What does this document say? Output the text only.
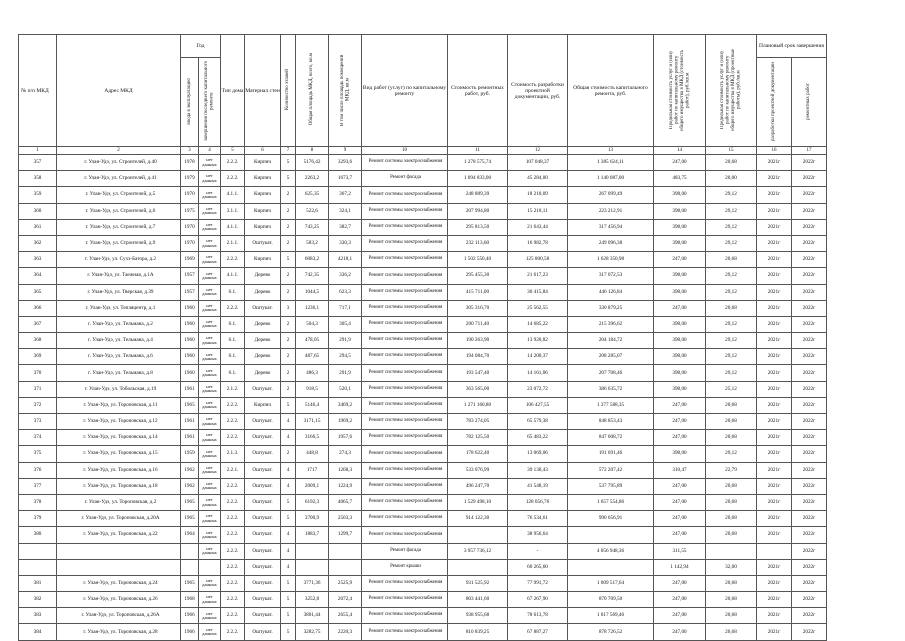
№ п/п МКД	Адрес МКД	Год		Тип дома	Материал стен	Количество этажей	Общая площадь МКД, всего, кв.м	В том числе площадь помещений МКД, кв.м	Вид работ (услуг) по капитальному ремонту	Стоимость ремонтных работ, руб.	Стоимость разработки проектной документации, руб.	Общая стоимость капитального ремонта, руб.	Предельная стоимость услуг и (или) работ по капитальному ремонту общего имущества в МКД (стоимость работ), руб./кв.м	Предельная стоимость услуг и (или) работ по капитальному ремонту общего имущества в МКД (проектные работы), руб./кв.м	Плановый срок завершения	
		ввода в эксплуатацию	завершения последнего капитального ремонта												разработки проектной документации	ремонтных работ
1	2	3	4	5	6	7	8	9	10	11	12	13	14	15	16	17
357	г. Улан-Удэ, ул. Строителей, д.40	1978	нет данных	2.2.2.	Кирпич	5	5176,42	3293,6	Ремонт системы электроснабжения	1 278 575,74	107 048,37	1 385 624,11	247,00	20,68	2021г	2022г
358	г. Улан-Удэ, ул. Строителей, д.41	1979	нет данных	2.2.2.	Кирпич	5	2263,2	1673,7	Ремонт фасада	1 094 833,00	45 284,00	1 140 087,00	483,75	20,00	2021г	2022г
359	г. Улан-Удэ, ул. Строителей, д.5	1970	нет данных	4.1.1.	Кирпич	2	625,35	367,2	Ремонт системы электроснабжения	248 889,39	18 210,09	267 099,49	398,00	29,12	2021г	2022г
360	г. Улан-Удэ, ул. Строителей, д.6	1975	нет данных	3.1.1.	Кирпич	2	522,6	324,1	Ремонт системы электроснабжения	207 994,80	15 218,11	223 212,91	398,00	29,12	2021г	2022г
361	г. Улан-Удэ, ул. Строителей, д.7	1970	нет данных	4.1.1.	Кирпич	2	743,25	382,7	Ремонт системы электроснабжения	295 813,50	21 643,44	317 456,94	398,00	29,12	2021г	2022г
362	г. Улан-Удэ, ул. Строителей, д.9	1970	нет данных	2.1.1.	Оштукат.	2	583,2	330,3	Ремонт системы электроснабжения	232 113,60	16 982,78	249 096,38	398,00	29,12	2021г	2022г
363	г. Улан-Удэ, ул. Сухэ-Батора, д.2	1969	нет данных	2.2.2.	Кирпич	5	6083,2	4218,1	Ремонт системы электроснабжения	1 502 550,40	125 800,58	1 628 350,98	247,00	20,68	2021г	2022г
364	г. Улан-Удэ, ул. Таежная, д.1А	1957	нет данных	4.1.1.	Дерево	2	742,35	336,2	Ремонт системы электроснабжения	295 455,30	21 617,23	317 072,53	398,00	29,12	2021г	2022г
365	г. Улан-Удэ, ул. Тверская, д.39	1957	нет данных	6.1.	Дерево	2	1044,5	623,3	Ремонт системы электроснабжения	415 711,00	30 415,84	446 126,84	398,00	29,12	2021г	2022г
366	г. Улан-Удэ, ул. Тепляцентр, д.1	1960	нет данных	2.2.2.	Оштукат.	3	1236,1	717,1	Ремонт системы электроснабжения	305 316,70	25 562,55	330 879,25	247,00	20,68	2021г	2022г
367	г. Улан-Удэ, ул. Тельмана, д.2	1960	нет данных	6.1.	Дерево	2	504,3	305,4	Ремонт системы электроснабжения	200 711,40	14 685,22	215 396,62	398,00	29,12	2021г	2022г
368	г. Улан-Удэ, ул. Тельмана, д.4	1960	нет данных	6.1.	Дерево	2	478,05	291,9	Ремонт системы электроснабжения	190 263,90	13 920,82	204 184,72	398,00	29,12	2021г	2022г
369	г. Улан-Удэ, ул. Тельмана, д.6	1960	нет данных	6.1.	Дерево	2	487,65	294,5	Ремонт системы электроснабжения	194 084,70	14 200,37	208 285,07	398,00	29,12	2021г	2022г
370	г. Улан-Удэ, ул. Тельмана, д.8	1960	нет данных	6.1.	Дерево	2	486,3	291,9	Ремонт системы электроснабжения	193 547,40	14 161,06	207 708,46	398,00	29,12	2021г	2022г
371	г. Улан-Удэ, ул. Тобольская, д.19	1961	нет данных	2.1.2.	Оштукат.	2	918,5	520,1	Ремонт системы электроснабжения	363 565,00	23 072,72	386 635,72	398,00	25,12	2021г	2022г
372	г. Улан-Удэ, ул. Тороповская, д.11	1965	нет данных	2.2.2.	Кирпич	5	5146,4	3469,2	Ремонт системы электроснабжения	1 271 160,80	106 427,55	1 377 588,35	247,00	20,68	2021г	2022г
373	г. Улан-Удэ, ул. Тороповская, д.12	1961	нет данных	2.2.2.	Оштукат.	4	3171,15	1969,2	Ремонт системы электроснабжения	783 274,05	65 579,38	848 853,43	247,00	20,68	2021г	2022г
374	г. Улан-Удэ, ул. Тороповская, д.14	1961	нет данных	2.2.2.	Оштукат.	4	3166,5	1957,6	Ремонт системы электроснабжения	782 125,50	65 483,22	847 608,72	247,00	20,68	2021г	2022г
375	г. Улан-Удэ, ул. Тороповская, д.15	1959	нет данных	2.1.3.	Оштукат.	2	448,8	274,3	Ремонт системы электроснабжения	178 622,40	13 069,06	191 691,46	398,00	29,12	2021г	2022г
376	г. Улан-Удэ, ул. Тороповская, д.16	1962	нет данных	2.2.1.	Оштукат.	4	1717	1268,3	Ремонт системы электроснабжения	533 076,99	39 130,43	572 207,42	310,47	22,79	2021г	2022г
377	г. Улан-Удэ, ул. Тороповская, д.18	1962	нет данных	2.2.2.	Оштукат.	4	2009,1	1224,9	Ремонт системы электроснабжения	496 247,70	41 548,19	537 795,89	247,00	20,68	2021г	2022г
378	г. Улан-Удэ, ул. Тороповская, д.2	1965	нет данных	2.2.2.	Оштукат.	5	6192,3	4065,7	Ремонт системы электроснабжения	1 529 498,10	128 056,76	1 657 554,86	247,00	20,68	2021г	2022г
379	г. Улан-Удэ, ул. Тороповская, д.20А	1965	нет данных	2.2.2.	Оштукат.	5	3700,9	2503,3	Ремонт системы электроснабжения	914 122,30	76 534,61	990 656,91	247,00	20,68	2021г	2022г
380	г. Улан-Удэ, ул. Тороповская, д.22	1964	нет данных	2.2.2.	Оштукат.	4	1883,7	1299,7	Ремонт системы электроснабжения		38 956,64		247,00	20,68	2021г	2022г
			нет данных	2.2.2.	Оштукат.	4			Ремонт фасада	3 957 736,12	-	4 056 948,36	311,55			2022г
				2.2.2.	Оштукат.	4			Ремонт крыши		60 265,60		1 142,94	32,00	2021г	2022г
381	г. Улан-Удэ, ул. Тороповская, д.24	1965	нет данных	2.2.2.	Оштукат.	5	3771,36	2525,9	Ремонт системы электроснабжения	931 525,92	77 991,72	1 009 517,64	247,00	20,68	2021г	2022г
382	г. Улан-Удэ, ул. Тороповская, д.26	1968	нет данных	2.2.2.	Оштукат.	5	3252,8	2072,4	Ремонт системы электроснабжения	803 441,60	67 267,90	870 709,50	247,00	20,68	2021г	2022г
383	г. Улан-Удэ, ул. Тороповская, д.26А	1966	нет данных	2.2.2.	Оштукат.	5	3801,44	2655,4	Ремонт системы электроснабжения	938 955,68	78 613,78	1 017 569,46	247,00	20,68	2021г	2022г
384	г. Улан-Удэ, ул. Тороповская, д.28	1966	нет данных	2.2.2.	Оштукат.	5	3282,75	2220,3	Ремонт системы электроснабжения	810 839,25	67 887,27	878 726,52	247,00	20,68	2021г	2022г
